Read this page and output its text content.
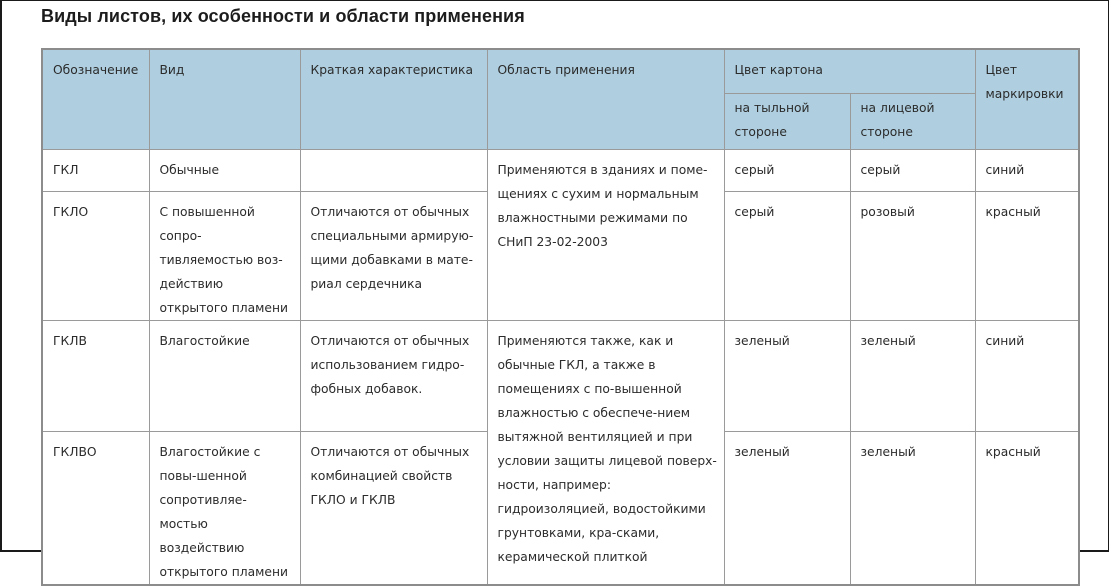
Виды листов, их особенности и области применения
Обозначение	Вид	Краткая характеристика	Область применения	Цвет картона		Цвет маркировки
				на тыльной стороне	на лицевой стороне	
ГКЛ	Обычные		Применяются в зданиях и поме-щениях с сухим и нормальным влажностными режимами по СНиП 23-02-2003	серый	серый	синий
ГКЛО	С повышенной сопро-тивляемостью воз-действию открытого пламени	Отличаются от обычных специальными армирую-щими добавками в мате-риал сердечника		серый	розовый	красный
ГКЛВ	Влагостойкие	Отличаются от обычных использованием гидро-фобных добавок.	Применяются также, как и обычные ГКЛ, а также в помещениях с по-вышенной влажностью с обеспече-нием вытяжной вентиляцией и при условии защиты лицевой поверх-ности, например: гидроизоляцией, водостойкими грунтовками, кра-сками, керамической плиткой	зеленый	зеленый	синий
ГКЛВО	Влагостойкие с повы-шенной сопротивляе-мостью воздействию открытого пламени	Отличаются от обычных комбинацией свойств ГКЛО и ГКЛВ		зеленый	зеленый	красный
